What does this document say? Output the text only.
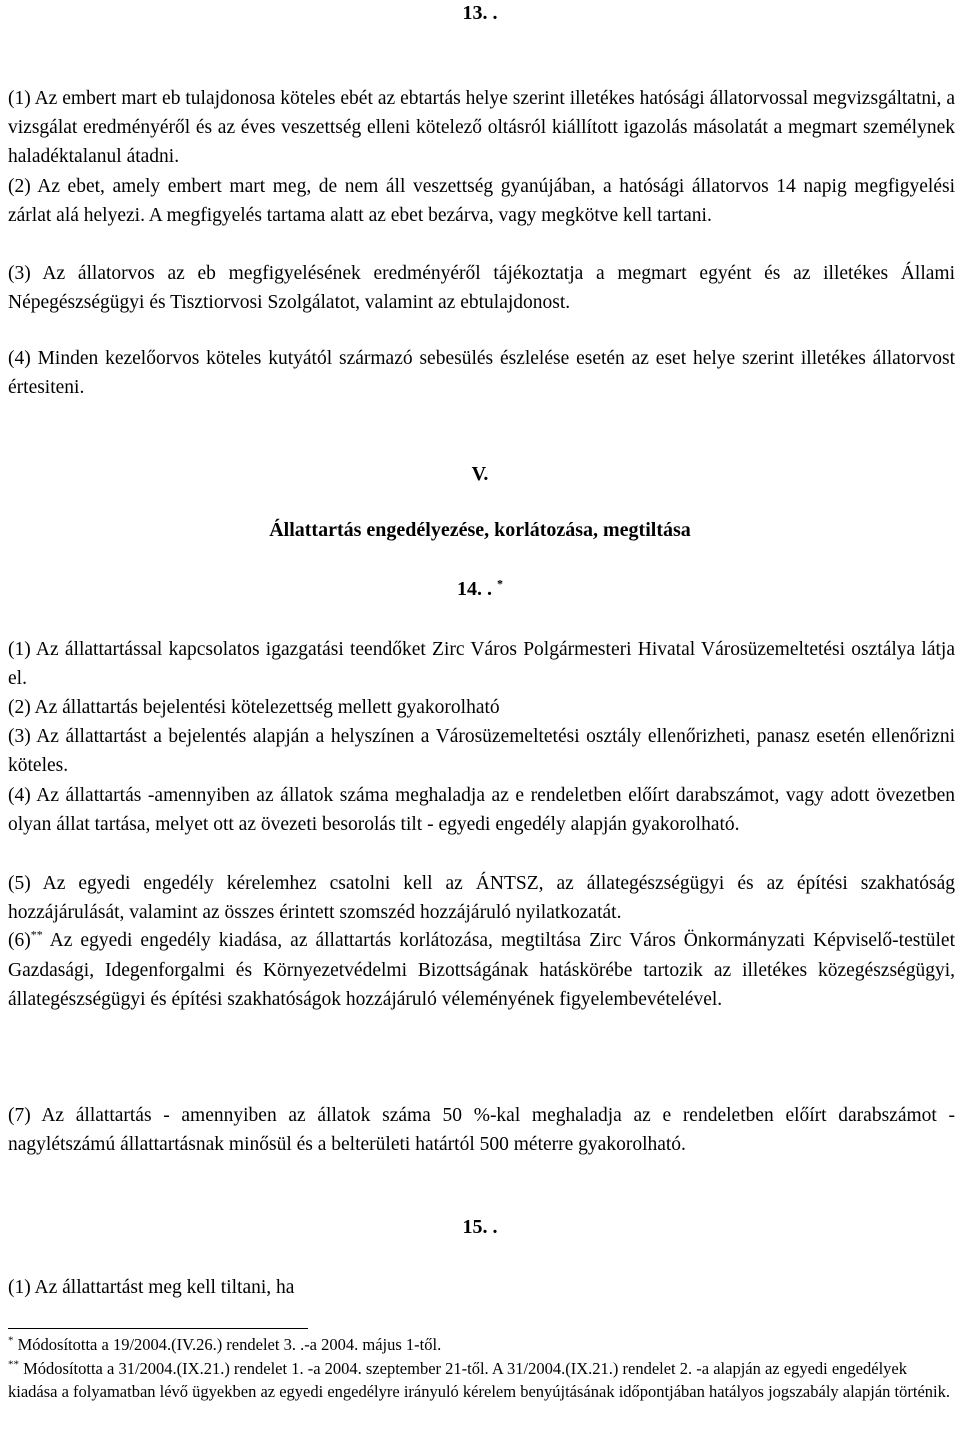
13. .

(1) Az embert mart eb tulajdonosa köteles ebét az ebtartás helye szerint illetékes hatósági állatorvossal megvizsgáltatni, a vizsgálat eredményéről és az éves veszettség elleni kötelező oltásról kiállított igazolás másolatát a megmart személynek haladéktalanul átadni.

(2) Az ebet, amely embert mart meg, de nem áll veszettség gyanújában, a hatósági állatorvos 14 napig megfigyelési zárlat alá helyezi. A megfigyelés tartama alatt az ebet bezárva, vagy megkötve kell tartani.

(3) Az állatorvos az eb megfigyelésének eredményéről tájékoztatja a megmart egyént és az illetékes Állami Népegészségügyi és Tisztiorvosi Szolgálatot, valamint az ebtulajdonost.

(4) Minden kezelőorvos köteles kutyától származó sebesülés észlelése esetén az eset helye szerint illetékes állatorvost értesiteni.

V.

Állattartás engedélyezése, korlátozása, megtiltása

14. . *

(1) Az állattartással kapcsolatos igazgatási teendőket Zirc Város Polgármesteri Hivatal Városüzemeltetési osztálya látja el.

(2) Az állattartás bejelentési kötelezettség mellett gyakorolható

(3) Az állattartást a bejelentés alapján a helyszínen a Városüzemeltetési osztály ellenőrizheti, panasz esetén ellenőrizni köteles.

(4) Az állattartás -amennyiben az állatok száma meghaladja az e rendeletben előírt darabszámot, vagy adott övezetben olyan állat tartása, melyet ott az övezeti besorolás tilt - egyedi engedély alapján gyakorolható.

(5) Az egyedi engedély kérelemhez csatolni kell az ÁNTSZ, az állategészségügyi és az építési szakhatóság hozzájárulását, valamint az összes érintett szomszéd hozzájáruló nyilatkozatát.

(6)** Az egyedi engedély kiadása, az állattartás korlátozása, megtiltása Zirc Város Önkormányzati Képviselő-testület Gazdasági, Idegenforgalmi és Környezetvédelmi Bizottságának hatáskörébe tartozik az illetékes közegészségügyi, állategészségügyi és építési szakhatóságok hozzájáruló véleményének figyelembevételével.

(7) Az állattartás - amennyiben az állatok száma 50 %-kal meghaladja az e rendeletben előírt darabszámot - nagylétszámú állattartásnak minősül és a belterületi határtól 500 méterre gyakorolható.

15. .

(1) Az állattartást meg kell tiltani, ha

* Módosította a 19/2004.(IV.26.) rendelet 3. .-a 2004. május 1-től.

** Módosította a 31/2004.(IX.21.) rendelet 1. -a 2004. szeptember 21-től. A 31/2004.(IX.21.) rendelet 2. -a alapján az egyedi engedélyek kiadása a folyamatban lévő ügyekben az egyedi engedélyre irányuló kérelem benyújtásának időpontjában hatályos jogszabály alapján történik.
